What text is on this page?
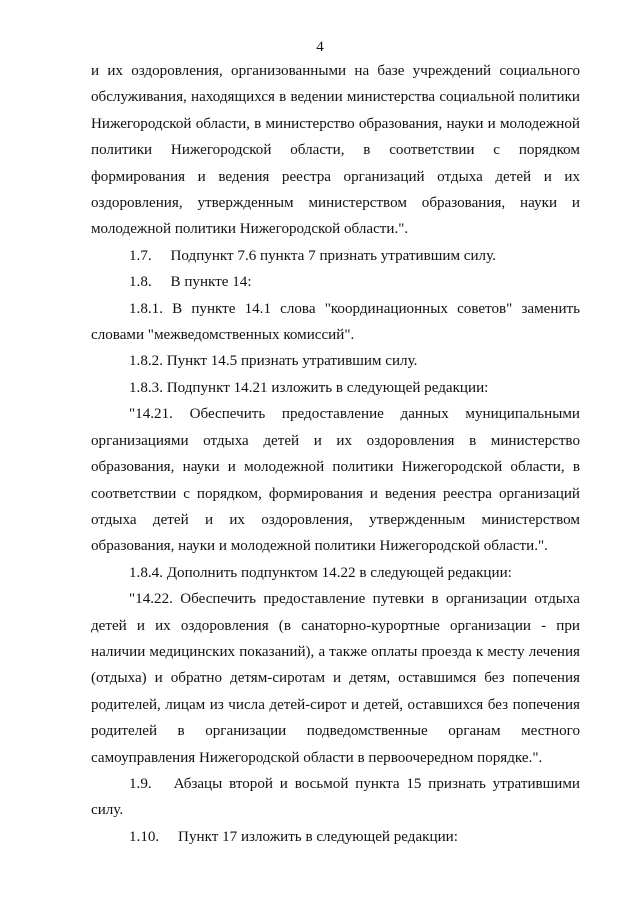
4

и их оздоровления, организованными на базе учреждений социального обслуживания, находящихся в ведении министерства социальной политики Нижегородской области, в министерство образования, науки и молодежной политики Нижегородской области, в соответствии с порядком формирования и ведения реестра организаций отдыха детей и их оздоровления, утвержденным министерством образования, науки и молодежной политики Нижегородской области.".

1.7.  Подпункт 7.6 пункта 7 признать утратившим силу.

1.8.  В пункте 14:

1.8.1. В пункте 14.1 слова "координационных советов" заменить словами "межведомственных комиссий".

1.8.2. Пункт 14.5 признать утратившим силу.

1.8.3. Подпункт 14.21 изложить в следующей редакции:

"14.21. Обеспечить предоставление данных муниципальными организациями отдыха детей и их оздоровления в министерство образования, науки и молодежной политики Нижегородской области, в соответствии с порядком, формирования и ведения реестра организаций отдыха детей и их оздоровления, утвержденным министерством образования, науки и молодежной политики Нижегородской области.".

1.8.4. Дополнить подпунктом 14.22 в следующей редакции:

"14.22. Обеспечить предоставление путевки в организации отдыха детей и их оздоровления (в санаторно-курортные организации - при наличии медицинских показаний), а также оплаты проезда к месту лечения (отдыха) и обратно детям-сиротам и детям, оставшимся без попечения родителей, лицам из числа детей-сирот и детей, оставшихся без попечения родителей в организации подведомственные органам местного самоуправления Нижегородской области в первоочередном порядке.".

1.9.  Абзацы второй и восьмой пункта 15 признать утратившими силу.

1.10.  Пункт 17 изложить в следующей редакции:
